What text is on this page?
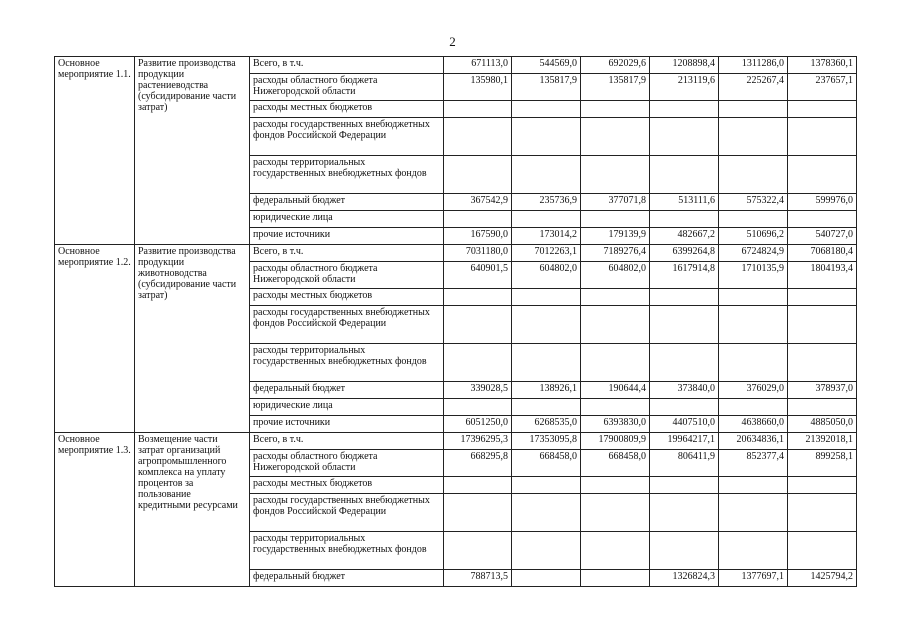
2
Основное мероприятие 1.1.	Развитие производства продукции растениеводства (субсидирование части затрат)	Всего, в т.ч.	671113,0	544569,0	692029,6	1208898,4	1311286,0	1378360,1
		расходы областного бюджета Нижегородской области	135980,1	135817,9	135817,9	213119,6	225267,4	237657,1
		расходы местных бюджетов						
		расходы государственных внебюджетных фондов Российской Федерации						
		расходы территориальных государственных внебюджетных фондов						
		федеральный бюджет	367542,9	235736,9	377071,8	513111,6	575322,4	599976,0
		юридические лица						
		прочие источники	167590,0	173014,2	179139,9	482667,2	510696,2	540727,0
Основное мероприятие 1.2.	Развитие производства продукции животноводства (субсидирование части затрат)	Всего, в т.ч.	7031180,0	7012263,1	7189276,4	6399264,8	6724824,9	7068180,4
		расходы областного бюджета Нижегородской области	640901,5	604802,0	604802,0	1617914,8	1710135,9	1804193,4
		расходы местных бюджетов						
		расходы государственных внебюджетных фондов Российской Федерации						
		расходы территориальных государственных внебюджетных фондов						
		федеральный бюджет	339028,5	138926,1	190644,4	373840,0	376029,0	378937,0
		юридические лица						
		прочие источники	6051250,0	6268535,0	6393830,0	4407510,0	4638660,0	4885050,0
Основное мероприятие 1.3.	Возмещение части затрат организаций агропромышленного комплекса на уплату процентов за пользование кредитными ресурсами	Всего, в т.ч.	17396295,3	17353095,8	17900809,9	19964217,1	20634836,1	21392018,1
		расходы областного бюджета Нижегородской области	668295,8	668458,0	668458,0	806411,9	852377,4	899258,1
		расходы местных бюджетов						
		расходы государственных внебюджетных фондов Российской Федерации						
		расходы территориальных государственных внебюджетных фондов						
		федеральный бюджет	788713,5			1326824,3	1377697,1	1425794,2
